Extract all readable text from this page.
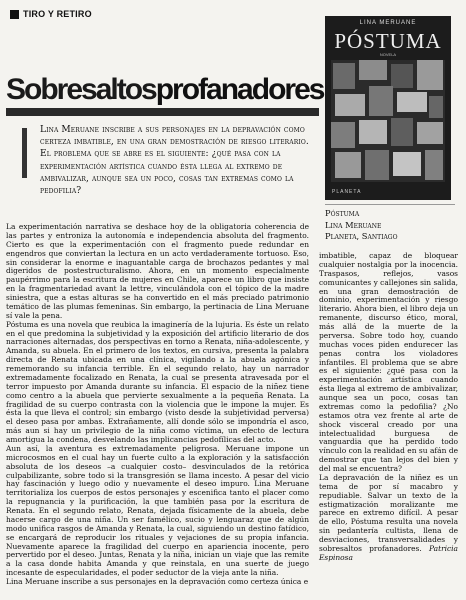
TIRO Y RETIRO
Sobresaltosprofanadores

Lina Meruane inscribe a sus personajes en la depravación como certeza imbatible, en una gran demostración de riesgo literario. El problema que se abre es el siguiente: ¿qué pasa con la experimentación artística cuando ésta llega al extremo de ambivalizar, aunque sea un poco, cosas tan extremas como la pedofilia?

LINA MERUANE
PÓSTUMA
NOVELA
PLANETA
Póstuma
Lina Meruane
Planeta, Santiago

La experimentación narrativa se deshace hoy de la obligatoria coherencia de las partes y entroniza la autonomía e independencia absoluta del fragmento. Cierto es que la experimentación con el fragmento puede redundar en engendros que conviertan la lectura en un acto verdaderamente tortuoso. Eso, sin considerar la enorme e inaguantable carga de brochazos pedantes y mal digeridos de postestructuralismo. Ahora, en un momento especialmente paupérrimo para la escritura de mujeres en Chile, aparece un libro que insiste en la fragmentariedad avant la lettre, vinculándola con el tópico de la madre siniestra, que a estas alturas se ha convertido en el más preciado patrimonio temático de las plumas femeninas. Sin embargo, la pertinacia de Lina Meruane sí vale la pena.

Póstuma es una novela que reubica la imaginería de la lujuria. Es éste un relato en el que predomina la subjetividad y la exposición del artificio literario de dos narraciones alternadas, dos perspectivas en torno a Renata, niña-adolescente, y Amanda, su abuela. En el primero de los textos, en cursiva, presenta la palabra directa de Renata ubicada en una clínica, vigilando a la abuela agónica y rememorando su infancia terrible. En el segundo relato, hay un narrador extremadamente focalizado en Renata, la cual se presenta atravesada por el terror impuesto por Amanda durante su infancia. El espacio de la niñez tiene como centro a la abuela que pervierte sexualmente a la pequeña Renata. La fragilidad de su cuerpo contrasta con la violencia que le impone la mujer. Es ésta la que lleva el control; sin embargo (visto desde la subjetividad perversa) el deseo pasa por ambas. Extrañamente, allí donde sólo se impondría el asco, más aun si hay un privilegio de la niña como víctima, un efecto de lectura amortigua la condena, desvelando las implicancias pedofílicas del acto.

Aun así, la aventura es extremadamente peligrosa. Meruane impone un microcosmos en el cual hay un fuerte culto a la exploración y la satisfacción absoluta de los deseos –a cualquier costo– desvinculados de la retórica culpabilizante, sobre todo si la transgresión se llama incesto. A pesar del vicio hay fascinación y luego odio y nuevamente el deseo impuro. Lina Meruane territorializa los cuerpos de estos personajes y escenifica tanto el placer como la repugnancia y la purificación, la que también pasa por la escritura de Renata. En el segundo relato, Renata, dejada físicamente de la abuela, debe hacerse cargo de una niña. Un ser famélico, sucio y lenguaraz que de algún modo unifica rasgos de Amanda y Renata, la cual, siguiendo un destino fatídico, se encargará de reproducir los rituales y vejaciones de su propia infancia. Nuevamente aparece la fragilidad del cuerpo en apariencia inocente, pero pervertido por el deseo. Juntas, Renata y la niña, inician un viaje que las remite a la casa donde habita Amanda y que reinstala, en una suerte de juego incesante de especularidades, el poder seductor de la vieja ante la niña.

Lina Meruane inscribe a sus personajes en la depravación como certeza única e

imbatible, capaz de bloquear cualquier nostalgia por la inocencia. Traspasos, reflejos, vasos comunicantes y callejones sin salida, en una gran demostración de dominio, experimentación y riesgo literario. Ahora bien, el libro deja un remanente, discurso ético, moral, más allá de la muerte de la perversa. Sobre todo hoy, cuando muchas voces piden endurecer las penas contra los violadores infantiles. El problema que se abre es el siguiente: ¿qué pasa con la experimentación artística cuando ésta llega al extremo de ambivalizar, aunque sea un poco, cosas tan extremas como la pedofilia? ¿No estamos otra vez frente al arte de shock visceral creado por una intelectualidad burguesa de vanguardia que ha perdido todo vínculo con la realidad en su afán de demostrar que tan lejos del bien y del mal se encuentra?

La depravación de la niñez es un tema de por sí macabro y repudiable. Salvar un texto de la estigmatización moralizante me parece en extremo difícil. A pesar de ello, Póstuma resulta una novela sin pedantería cultista, llena de desviaciones, transversalidades y sobresaltos profanadores. Patricia Espinosa
